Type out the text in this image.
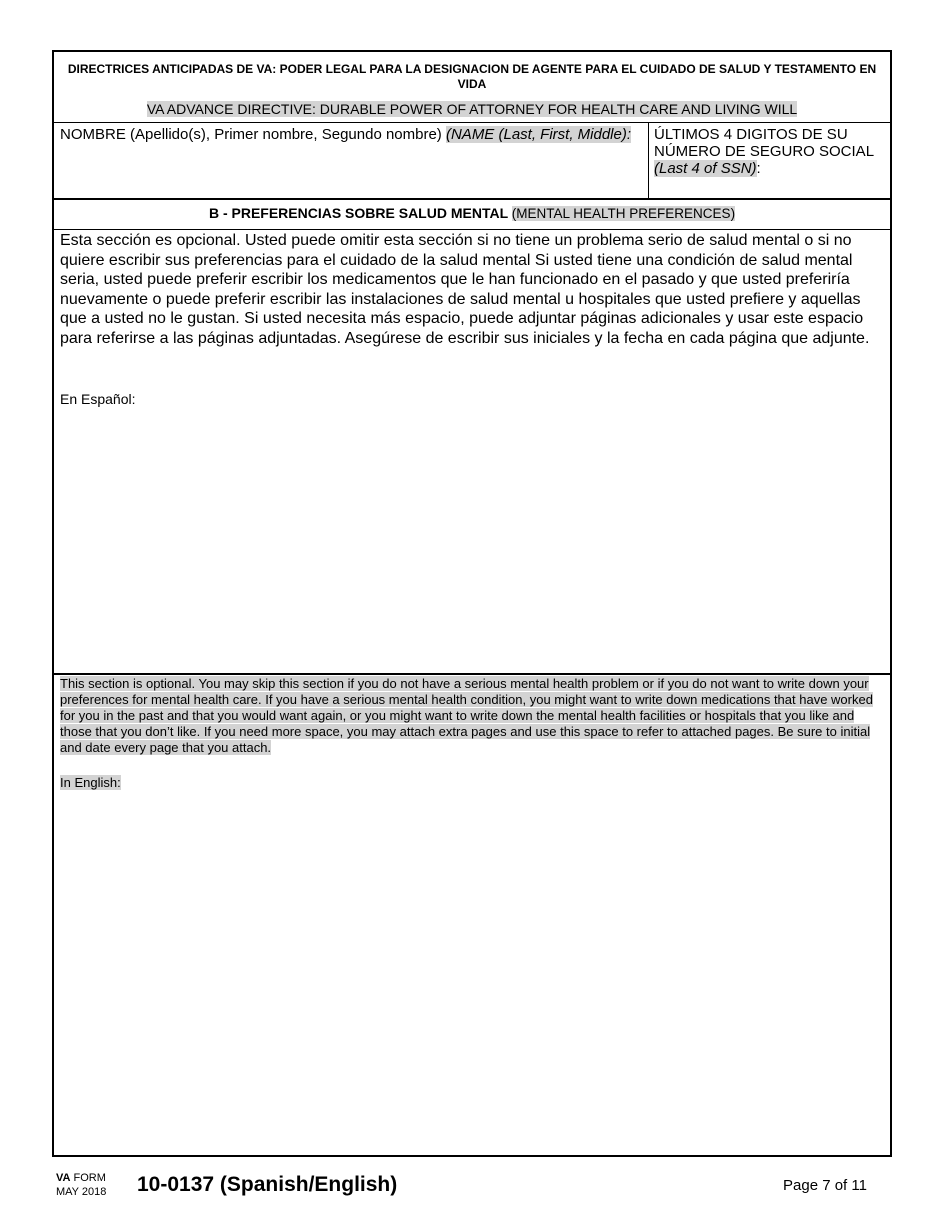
DIRECTRICES ANTICIPADAS DE VA: PODER LEGAL PARA LA DESIGNACION DE AGENTE PARA EL CUIDADO DE SALUD Y TESTAMENTO EN VIDA
VA ADVANCE DIRECTIVE: DURABLE POWER OF ATTORNEY FOR HEALTH CARE AND LIVING WILL
NOMBRE (Apellido(s), Primer nombre, Segundo nombre) (NAME (Last, First, Middle):	ÚLTIMOS 4 DIGITOS DE SU NÚMERO DE SEGURO SOCIAL
(Last 4 of SSN):
B - PREFERENCIAS SOBRE SALUD MENTAL (MENTAL HEALTH PREFERENCES)
Esta sección es opcional. Usted puede omitir esta sección si no tiene un problema serio de salud mental o si no quiere escribir sus preferencias para el cuidado de la salud mental Si usted tiene una condición de salud mental seria, usted puede preferir escribir los medicamentos que le han funcionado en el pasado y que usted preferiría nuevamente o puede preferir escribir las instalaciones de salud mental u hospitales que usted prefiere y aquellas que a usted no le gustan. Si usted necesita más espacio, puede adjuntar páginas adicionales y usar este espacio para referirse a las páginas adjuntadas. Asegúrese de escribir sus iniciales y la fecha en cada página que adjunte.
En Español:
This section is optional. You may skip this section if you do not have a serious mental health problem or if you do not want to write down your preferences for mental health care. If you have a serious mental health condition, you might want to write down medications that have worked for you in the past and that you would want again, or you might want to write down the mental health facilities or hospitals that you like and those that you don’t like. If you need more space, you may attach extra pages and use this space to refer to attached pages. Be sure to initial and date every page that you attach.
In English:
VA FORM
MAY 2018 10-0137 (Spanish/English)	Page 7 of 11
